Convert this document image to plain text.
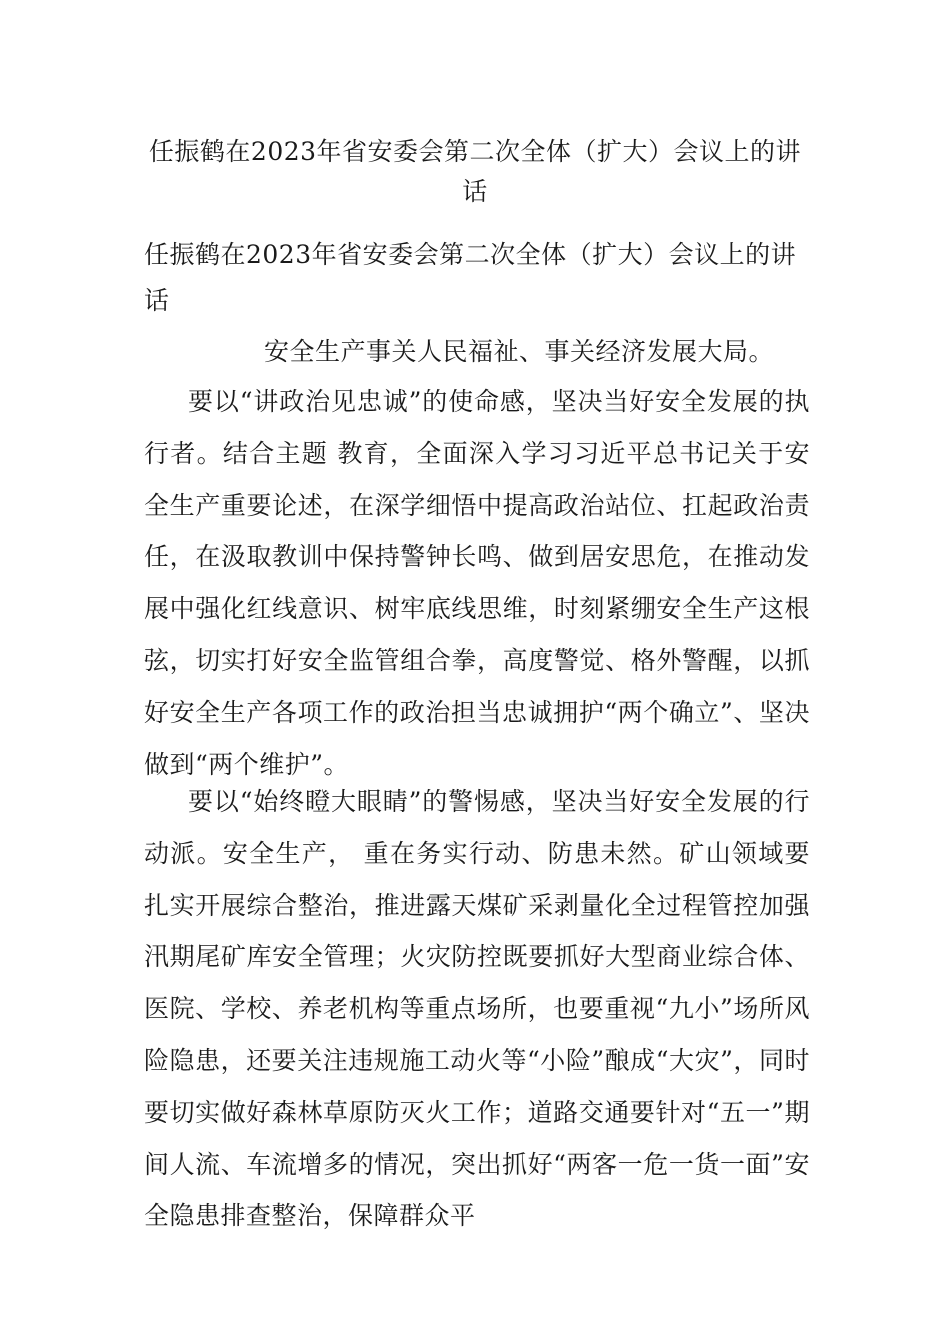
任振鹤在2023年省安委会第二次全体（扩大）会议上的讲话
任振鹤在2023年省安委会第二次全体（扩大）会议上的讲话
安全生产事关人民福祉、事关经济发展大局。
要以“讲政治见忠诚”的使命感，坚决当好安全发展的执行者。结合主题 教育，全面深入学习习近平总书记关于安全生产重要论述，在深学细悟中提高政治站位、扛起政治责任，在汲取教训中保持警钟长鸣、做到居安思危，在推动发展中强化红线意识、树牢底线思维，时刻紧绷安全生产这根弦，切实打好安全监管组合拳，高度警觉、格外警醒，以抓好安全生产各项工作的政治担当忠诚拥护“两个确立”、坚决做到“两个维护”。
要以“始终瞪大眼睛”的警惕感，坚决当好安全发展的行动派。安全生产， 重在务实行动、防患未然。矿山领域要扎实开展综合整治，推进露天煤矿采剥量化全过程管控加强汛期尾矿库安全管理；火灾防控既要抓好大型商业综合体、医院、学校、养老机构等重点场所，也要重视“九小”场所风险隐患，还要关注违规施工动火等“小险”酿成“大灾”，同时要切实做好森林草原防灭火工作；道路交通要针对“五一”期间人流、车流增多的情况，突出抓好“两客一危一货一面”安全隐患排查整治，保障群众平
